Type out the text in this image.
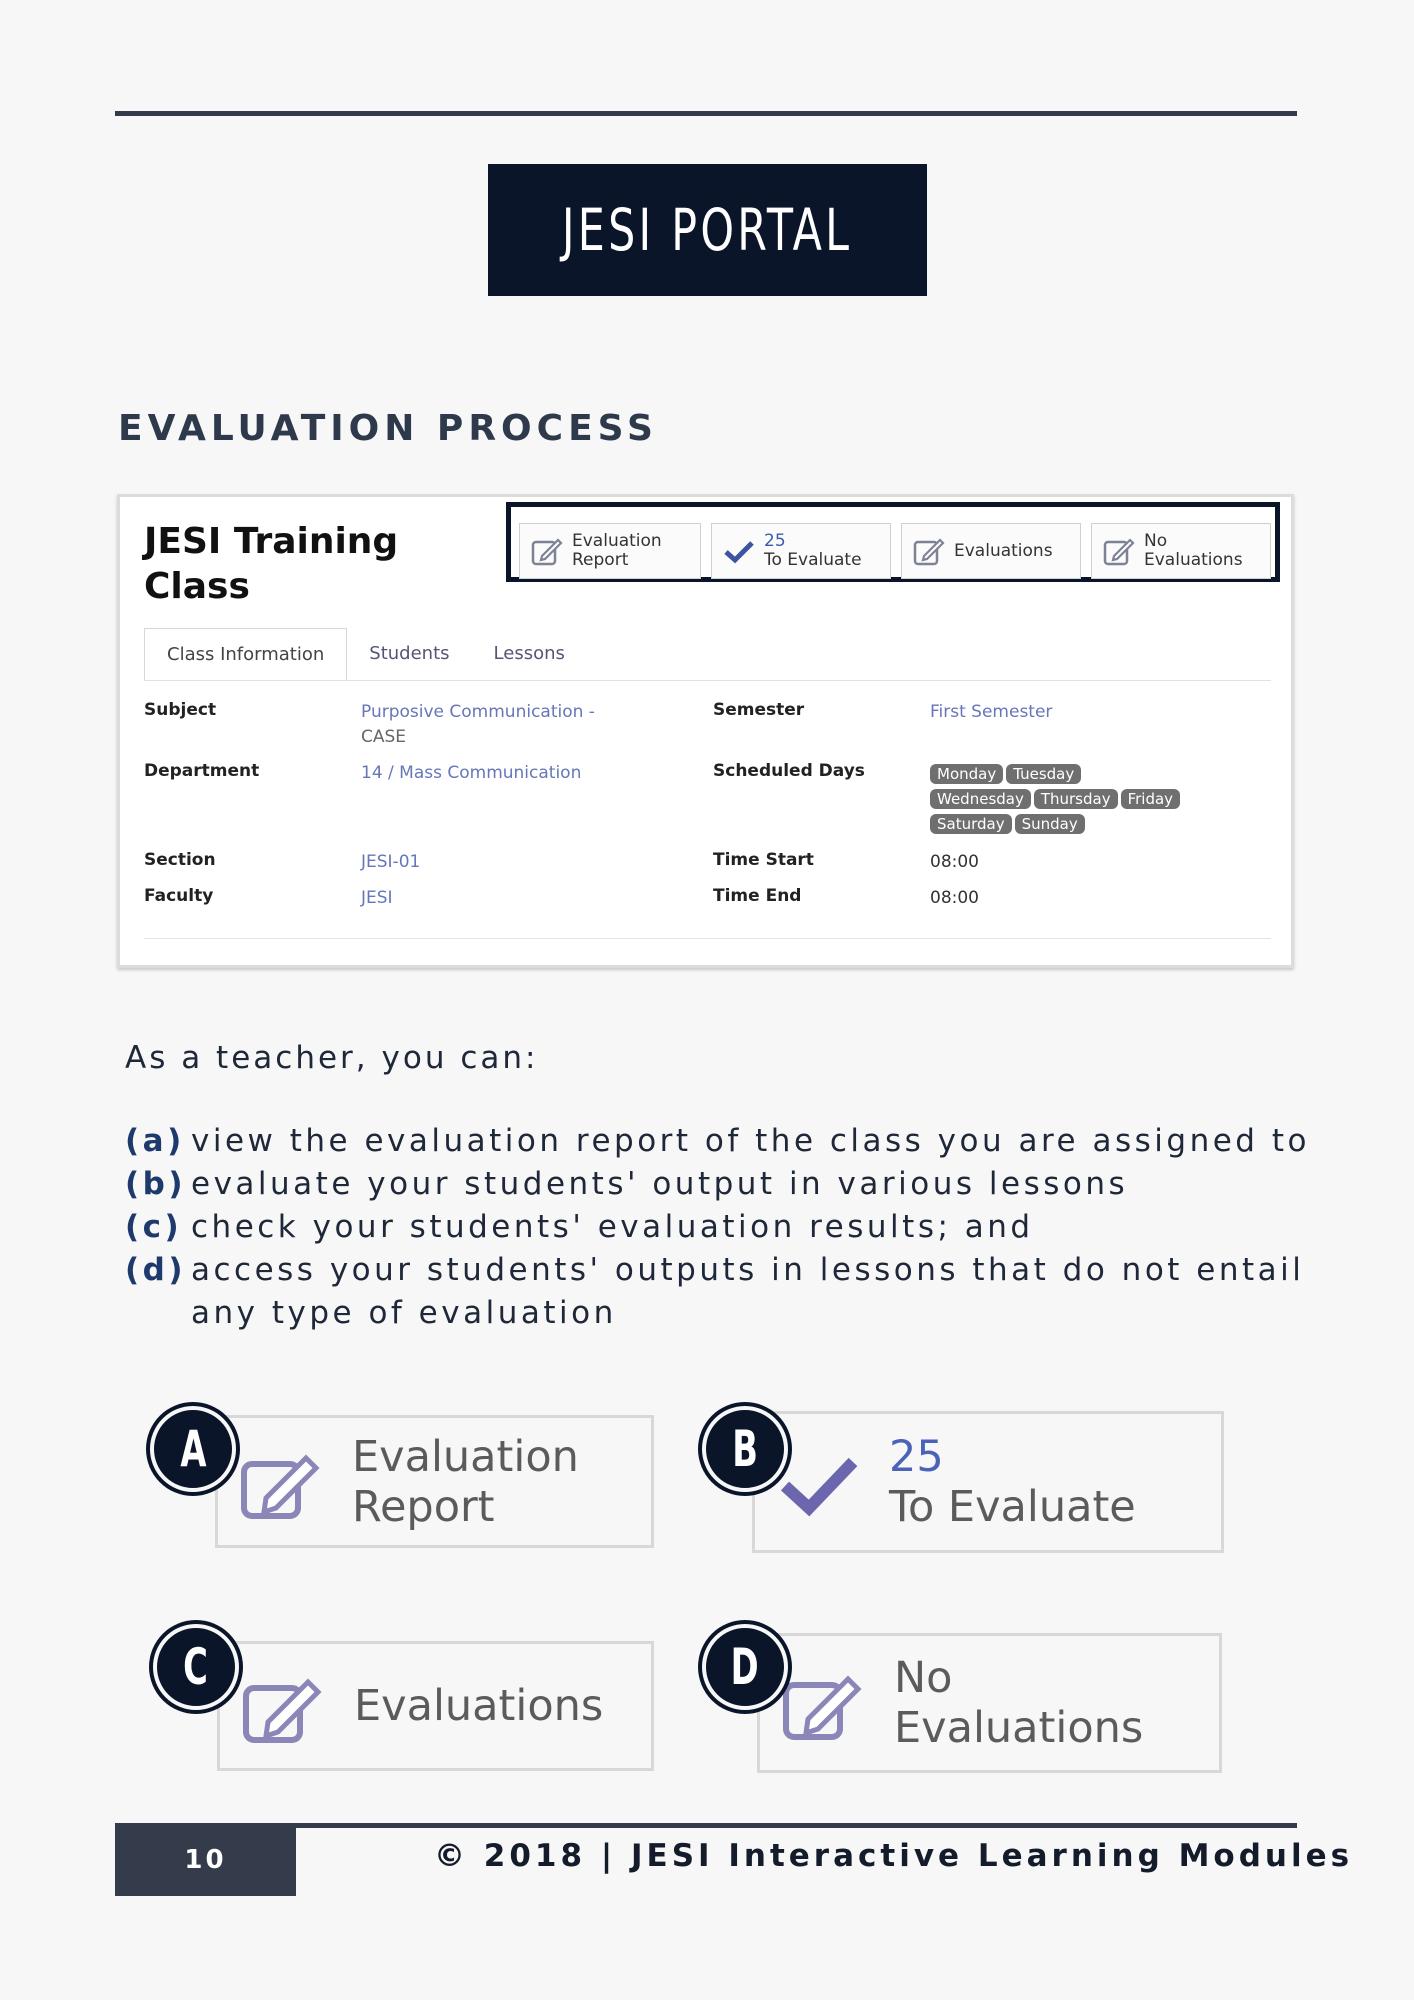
JESI PORTAL
EVALUATION PROCESS
JESI Training Class
Evaluation
Report
25
To Evaluate	Evaluations	No
Evaluations
Class Information	Students	Lessons
Subject	Purposive Communication -
CASE
Department	14 / Mass Communication
Section	JESI-01
Faculty	JESI
Semester	First Semester
Scheduled Days	Monday Tuesday
Wednesday Thursday Friday
Saturday Sunday
Time Start	08:00
Time End	08:00

As a teacher, you can:

(a) view the evaluation report of the class you are assigned to
(b) evaluate your students' output in various lessons
(c) check your students' evaluation results; and
(d) access your students' outputs in lessons that do not entail any type of evaluation
Evaluation
Report
A	25
To Evaluate
B
Evaluations
C	No
Evaluations
D
10	© 2018 | JESI Interactive Learning Modules
